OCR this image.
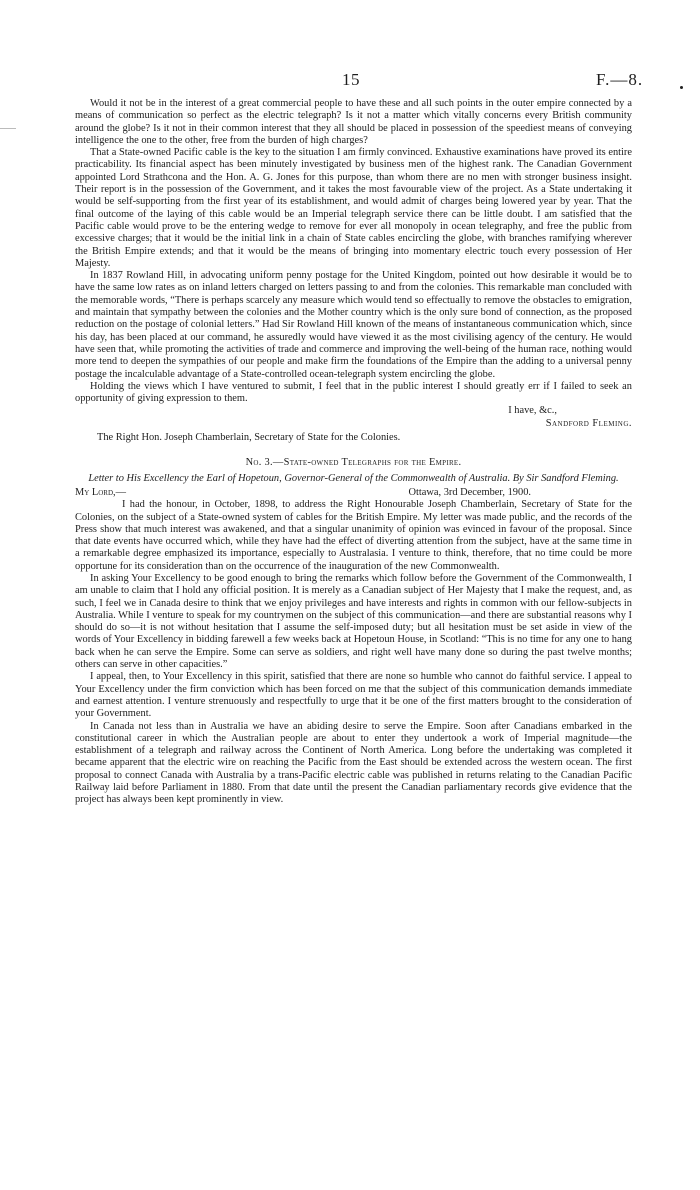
15	F.—8.

Would it not be in the interest of a great commercial people to have these and all such points in the outer empire connected by a means of communication so perfect as the electric telegraph? Is it not a matter which vitally concerns every British community around the globe? Is it not in their common interest that they all should be placed in possession of the speediest means of conveying intelligence the one to the other, free from the burden of high charges?

That a State-owned Pacific cable is the key to the situation I am firmly convinced. Exhaustive examinations have proved its entire practicability. Its financial aspect has been minutely investigated by business men of the highest rank. The Canadian Government appointed Lord Strathcona and the Hon. A. G. Jones for this purpose, than whom there are no men with stronger business insight. Their report is in the possession of the Government, and it takes the most favourable view of the project. As a State undertaking it would be self-supporting from the first year of its establishment, and would admit of charges being lowered year by year. That the final outcome of the laying of this cable would be an Imperial telegraph service there can be little doubt. I am satisfied that the Pacific cable would prove to be the entering wedge to remove for ever all monopoly in ocean telegraphy, and free the public from excessive charges; that it would be the initial link in a chain of State cables encircling the globe, with branches ramifying wherever the British Empire extends; and that it would be the means of bringing into momentary electric touch every possession of Her Majesty.

In 1837 Rowland Hill, in advocating uniform penny postage for the United Kingdom, pointed out how desirable it would be to have the same low rates as on inland letters charged on letters passing to and from the colonies. This remarkable man concluded with the memorable words, “There is perhaps scarcely any measure which would tend so effectually to remove the obstacles to emigration, and maintain that sympathy between the colonies and the Mother country which is the only sure bond of connection, as the proposed reduction on the postage of colonial letters.” Had Sir Rowland Hill known of the means of instantaneous communication which, since his day, has been placed at our command, he assuredly would have viewed it as the most civilising agency of the century. He would have seen that, while promoting the activities of trade and commerce and improving the well-being of the human race, nothing would more tend to deepen the sympathies of our people and make firm the foundations of the Empire than the adding to a universal penny postage the incalculable advantage of a State-controlled ocean-telegraph system encircling the globe.

Holding the views which I have ventured to submit, I feel that in the public interest I should greatly err if I failed to seek an opportunity of giving expression to them.

I have, &c.,

Sandford Fleming.

The Right Hon. Joseph Chamberlain, Secretary of State for the Colonies.

No. 3.—State-owned Telegraphs for the Empire.

Letter to His Excellency the Earl of Hopetoun, Governor-General of the Commonwealth of Australia. By Sir Sandford Fleming.

My Lord,—	Ottawa, 3rd December, 1900.

I had the honour, in October, 1898, to address the Right Honourable Joseph Chamberlain, Secretary of State for the Colonies, on the subject of a State-owned system of cables for the British Empire. My letter was made public, and the records of the Press show that much interest was awakened, and that a singular unanimity of opinion was evinced in favour of the proposal. Since that date events have occurred which, while they have had the effect of diverting attention from the subject, have at the same time in a remarkable degree emphasized its importance, especially to Australasia. I venture to think, therefore, that no time could be more opportune for its consideration than on the occurrence of the inauguration of the new Commonwealth.

In asking Your Excellency to be good enough to bring the remarks which follow before the Government of the Commonwealth, I am unable to claim that I hold any official position. It is merely as a Canadian subject of Her Majesty that I make the request, and, as such, I feel we in Canada desire to think that we enjoy privileges and have interests and rights in common with our fellow-subjects in Australia. While I venture to speak for my countrymen on the subject of this communication—and there are substantial reasons why I should do so—it is not without hesitation that I assume the self-imposed duty; but all hesitation must be set aside in view of the words of Your Excellency in bidding farewell a few weeks back at Hopetoun House, in Scotland: “This is no time for any one to hang back when he can serve the Empire. Some can serve as soldiers, and right well have many done so during the past twelve months; others can serve in other capacities.”

I appeal, then, to Your Excellency in this spirit, satisfied that there are none so humble who cannot do faithful service. I appeal to Your Excellency under the firm conviction which has been forced on me that the subject of this communication demands immediate and earnest attention. I venture strenuously and respectfully to urge that it be one of the first matters brought to the consideration of your Government.

In Canada not less than in Australia we have an abiding desire to serve the Empire. Soon after Canadians embarked in the constitutional career in which the Australian people are about to enter they undertook a work of Imperial magnitude—the establishment of a telegraph and railway across the Continent of North America. Long before the undertaking was completed it became apparent that the electric wire on reaching the Pacific from the East should be extended across the western ocean. The first proposal to connect Canada with Australia by a trans-Pacific electric cable was published in returns relating to the Canadian Pacific Railway laid before Parliament in 1880. From that date until the present the Canadian parliamentary records give evidence that the project has always been kept prominently in view.
